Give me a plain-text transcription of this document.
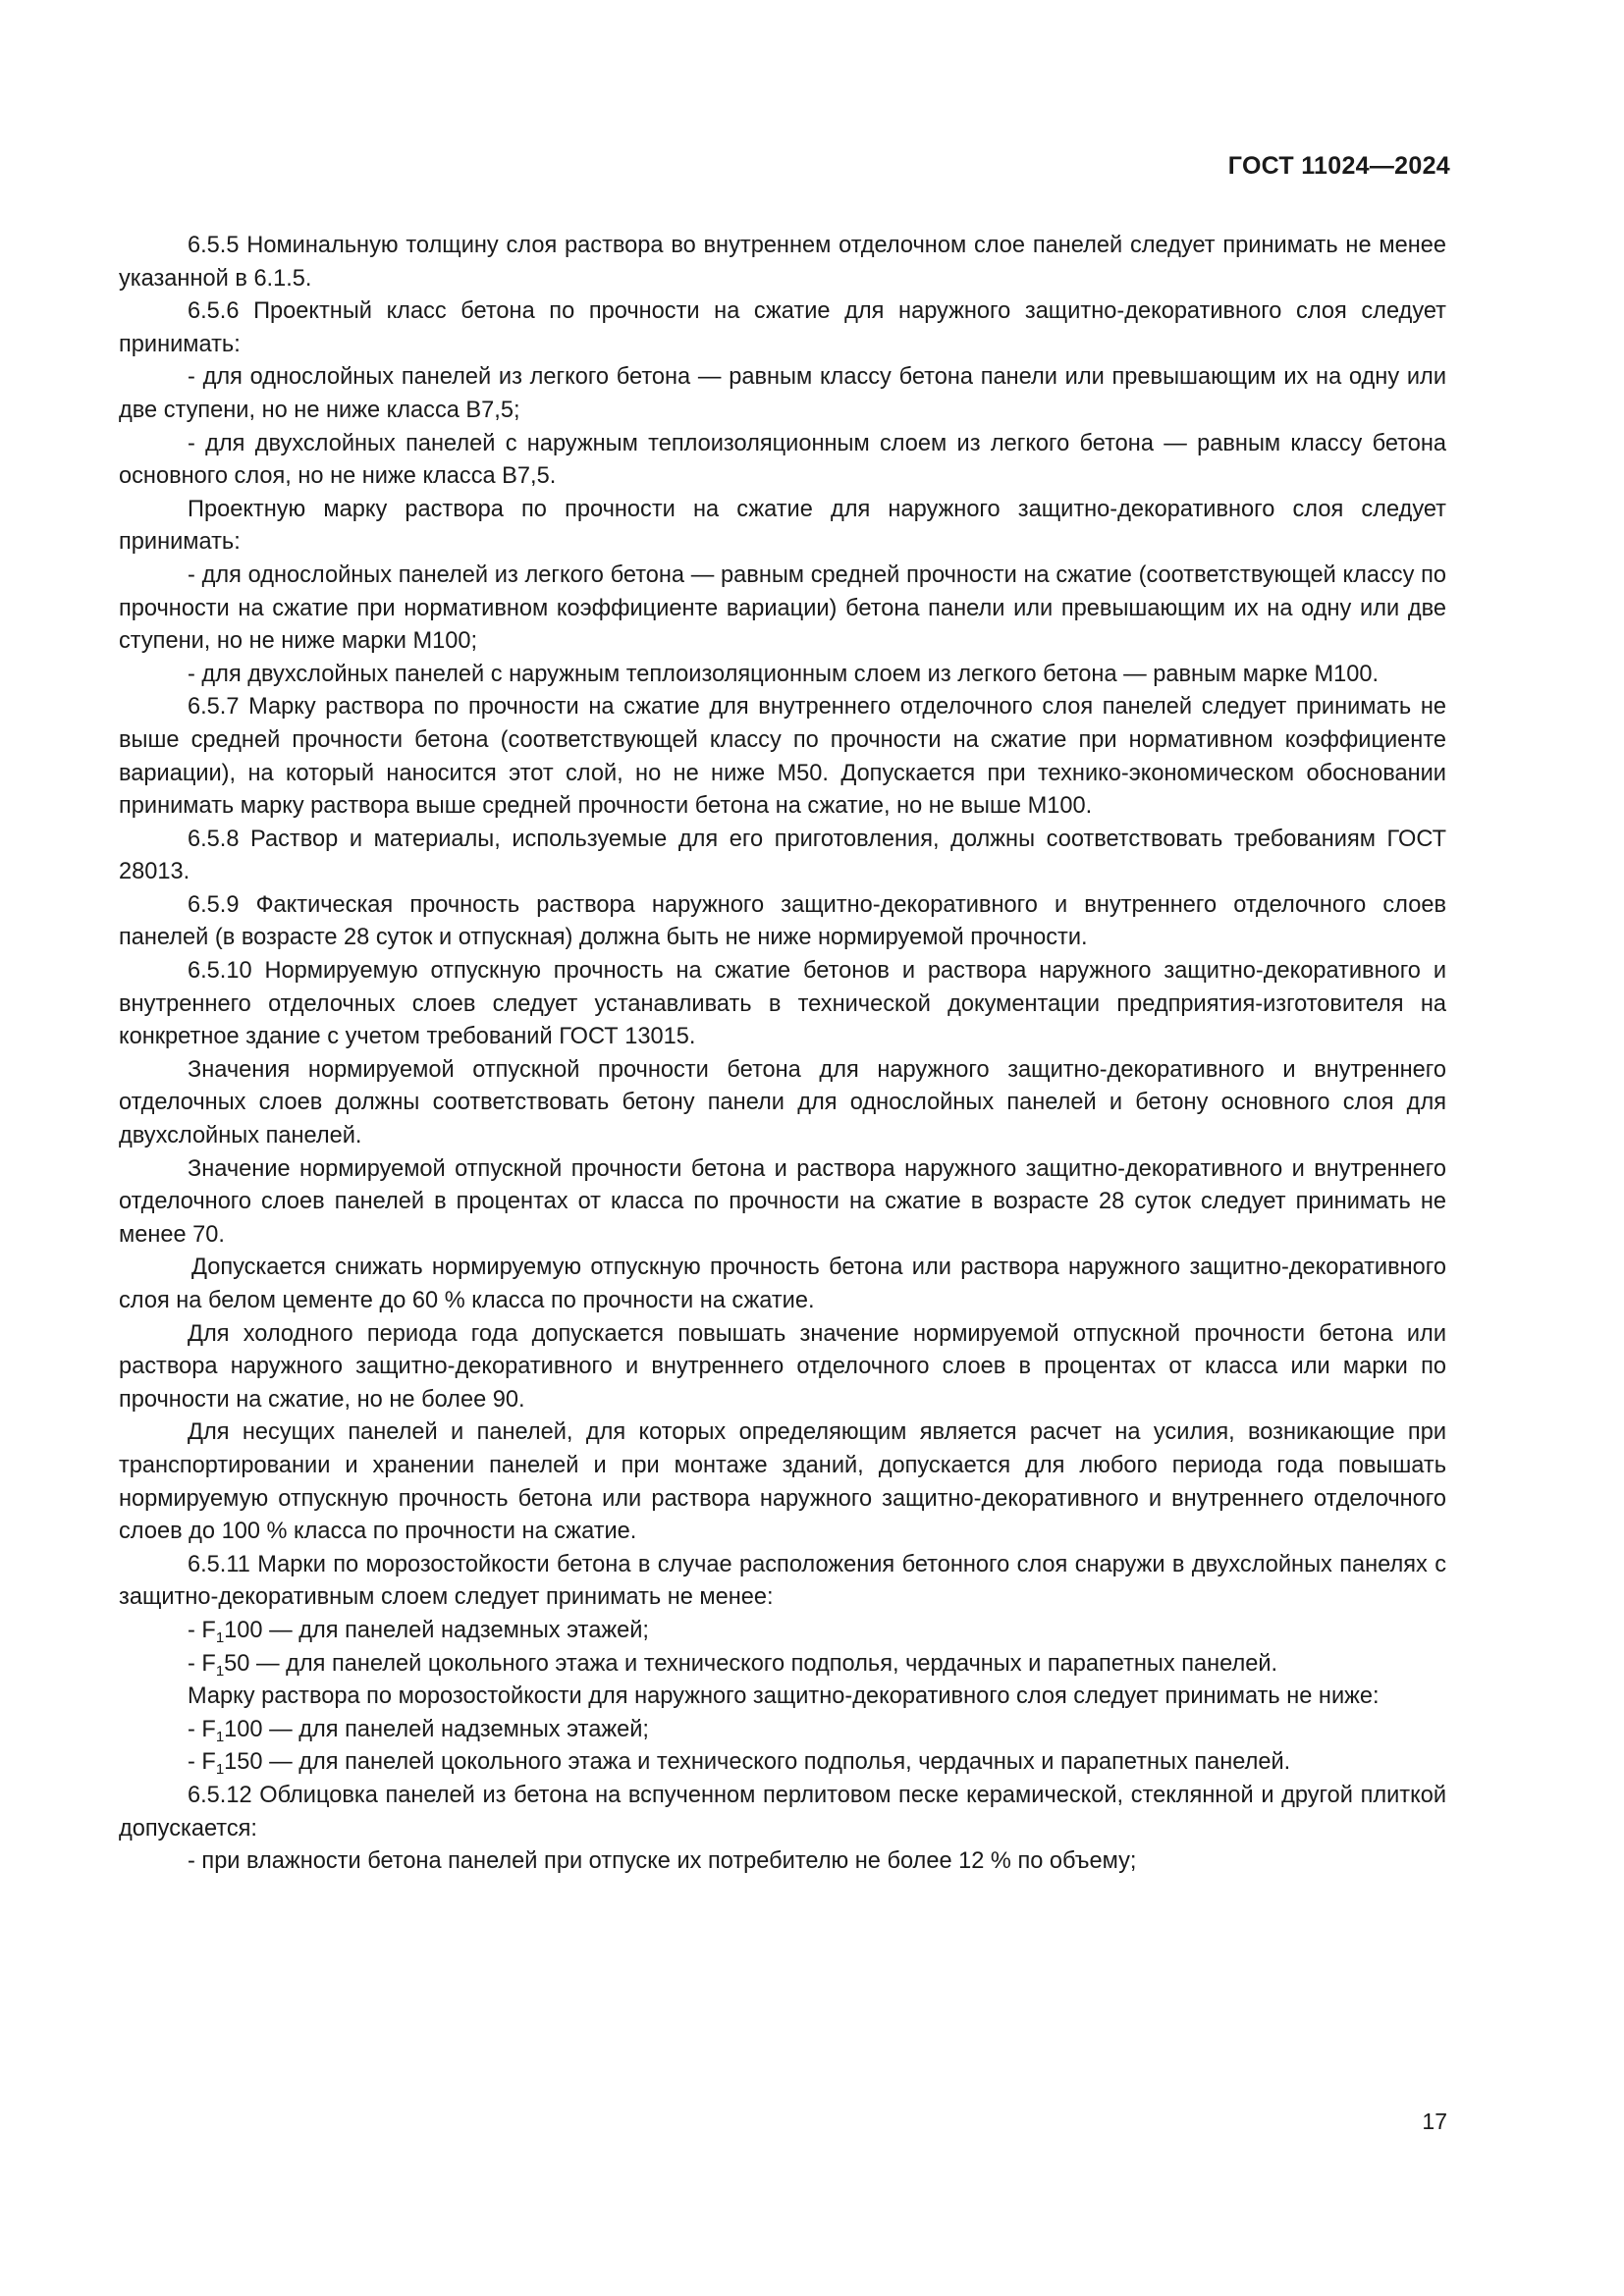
ГОСТ 11024—2024

6.5.5 Номинальную толщину слоя раствора во внутреннем отделочном слое панелей следует принимать не менее указанной в 6.1.5.

6.5.6 Проектный класс бетона по прочности на сжатие для наружного защитно-декоративного слоя следует принимать:

- для однослойных панелей из легкого бетона — равным классу бетона панели или превышающим их на одну или две ступени, но не ниже класса В7,5;

- для двухслойных панелей с наружным теплоизоляционным слоем из легкого бетона — равным классу бетона основного слоя, но не ниже класса В7,5.

Проектную марку раствора по прочности на сжатие для наружного защитно-декоративного слоя следует принимать:

- для однослойных панелей из легкого бетона — равным средней прочности на сжатие (соответствующей классу по прочности на сжатие при нормативном коэффициенте вариации) бетона панели или превышающим их на одну или две ступени, но не ниже марки М100;

- для двухслойных панелей с наружным теплоизоляционным слоем из легкого бетона — равным марке М100.

6.5.7 Марку раствора по прочности на сжатие для внутреннего отделочного слоя панелей следует принимать не выше средней прочности бетона (соответствующей классу по прочности на сжатие при нормативном коэффициенте вариации), на который наносится этот слой, но не ниже М50. Допускается при технико-экономическом обосновании принимать марку раствора выше средней прочности бетона на сжатие, но не выше М100.

6.5.8 Раствор и материалы, используемые для его приготовления, должны соответствовать требованиям ГОСТ 28013.

6.5.9 Фактическая прочность раствора наружного защитно-декоративного и внутреннего отделочного слоев панелей (в возрасте 28 суток и отпускная) должна быть не ниже нормируемой прочности.

6.5.10 Нормируемую отпускную прочность на сжатие бетонов и раствора наружного защитно-декоративного и внутреннего отделочных слоев следует устанавливать в технической документации предприятия-изготовителя на конкретное здание с учетом требований ГОСТ 13015.

Значения нормируемой отпускной прочности бетона для наружного защитно-декоративного и внутреннего отделочных слоев должны соответствовать бетону панели для однослойных панелей и бетону основного слоя для двухслойных панелей.

Значение нормируемой отпускной прочности бетона и раствора наружного защитно-декоративного и внутреннего отделочного слоев панелей в процентах от класса по прочности на сжатие в возрасте 28 суток следует принимать не менее 70.

Допускается снижать нормируемую отпускную прочность бетона или раствора наружного защитно-декоративного слоя на белом цементе до 60 % класса по прочности на сжатие.

Для холодного периода года допускается повышать значение нормируемой отпускной прочности бетона или раствора наружного защитно-декоративного и внутреннего отделочного слоев в процентах от класса или марки по прочности на сжатие, но не более 90.

Для несущих панелей и панелей, для которых определяющим является расчет на усилия, возникающие при транспортировании и хранении панелей и при монтаже зданий, допускается для любого периода года повышать нормируемую отпускную прочность бетона или раствора наружного защитно-декоративного и внутреннего отделочного слоев до 100 % класса по прочности на сжатие.

6.5.11 Марки по морозостойкости бетона в случае расположения бетонного слоя снаружи в двухслойных панелях с защитно-декоративным слоем следует принимать не менее:

- $F_1100$ — для панелей надземных этажей;

- $F_150$ — для панелей цокольного этажа и технического подполья, чердачных и парапетных панелей.

Марку раствора по морозостойкости для наружного защитно-декоративного слоя следует принимать не ниже:

- $F_1100$ — для панелей надземных этажей;

- $F_1150$ — для панелей цокольного этажа и технического подполья, чердачных и парапетных панелей.

6.5.12 Облицовка панелей из бетона на вспученном перлитовом песке керамической, стеклянной и другой плиткой допускается:

- при влажности бетона панелей при отпуске их потребителю не более 12 % по объему;

17
